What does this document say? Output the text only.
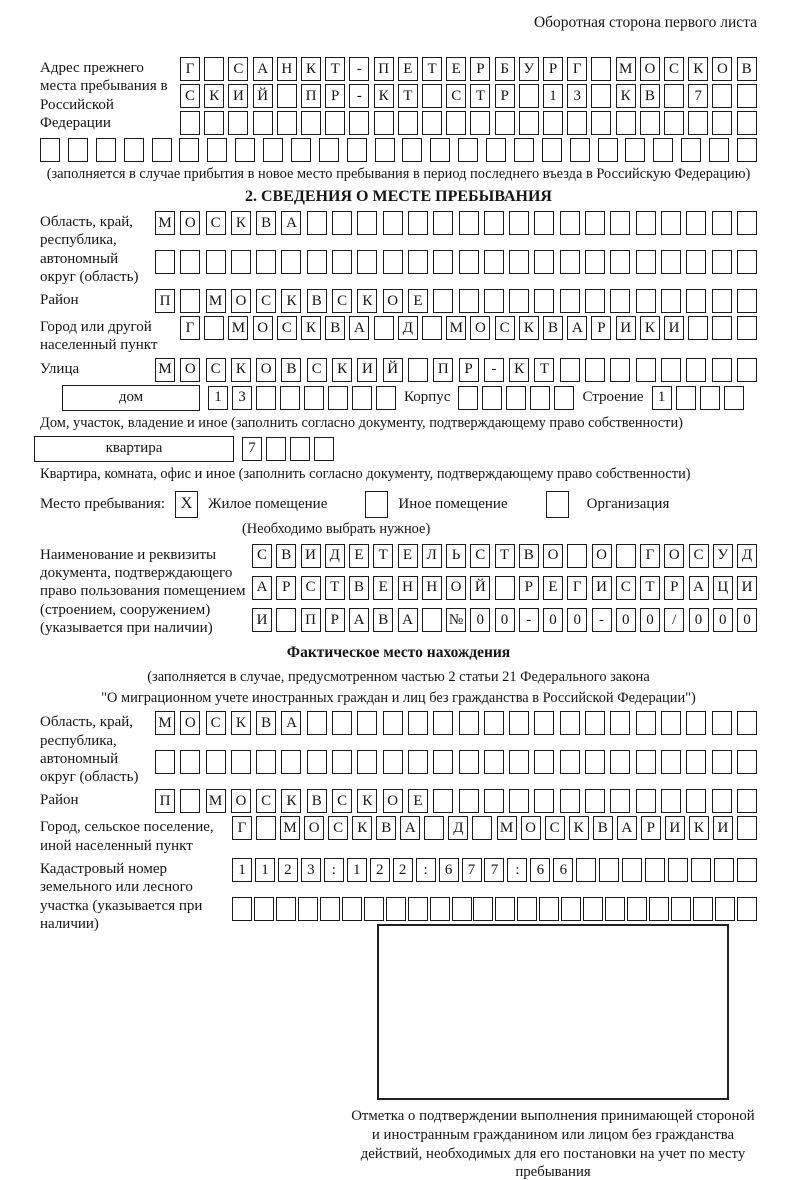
Оборотная сторона первого листа
Адрес прежнего места пребывания в Российской Федерации
Г	С А Н К Т	-	П Е	Т	Е	Р	Б У Р	Г	М О С К О В
С К И Й	П Р	-	К Т	С Т	Р	1	3	К В	7
(заполняется в случае прибытия в новое место пребывания в период последнего въезда в Российскую Федерацию)
2. СВЕДЕНИЯ О МЕСТЕ ПРЕБЫВАНИЯ
Область, край, республика, автономный округ (область)
М О С	К	В А
Район	П	М О С	К	В	С	К О	Е
Город или другой населенный пункт
Г	М О С К В А	Д	М О С К В А Р И К И
Улица	М О С	К О В	С	К И Й	П	Р	-	К	Т
дом	1	3	Корпус	Строение 1
Дом, участок, владение и иное (заполнить согласно документу, подтверждающему право собственности)
квартира	7
Квартира, комната, офис и иное (заполнить согласно документу, подтверждающему право собственности)
Место пребывания: X	Жилое помещение	Иное помещение	Организация
(Необходимо выбрать нужное)
Наименование и реквизиты документа, подтверждающего право пользования помещением (строением, сооружением) (указывается при наличии)
С В И Д Е	Т	Е Л Ь С Т В О	О	Г О С У Д
А Р	С Т В Е Н Н О Й	Р	Е	Г И С Т	Р А Ц И
И	П Р А В А	№ 0	0	-	0	0	-	0	0	/	0	0	0
Фактическое место нахождения
(заполняется в случае, предусмотренном частью 2 статьи 21 Федерального закона
"О миграционном учете иностранных граждан и лиц без гражданства в Российской Федерации")
Область, край, республика, автономный округ (область)
М О С	К	В А
Район	П	М О С	К	В	С	К О	Е
Город, сельское поселение, иной населенный пункт
Г	М О С К В А	Д	М О С К В А Р И К И
Кадастровый номер земельного или лесного участка (указывается при наличии)
1	1	2	3	:	1	2	2	:	6	7	7	:	6	6
Отметка о подтверждении выполнения принимающей стороной и иностранным гражданином или лицом без гражданства действий, необходимых для его постановки на учет по месту пребывания
